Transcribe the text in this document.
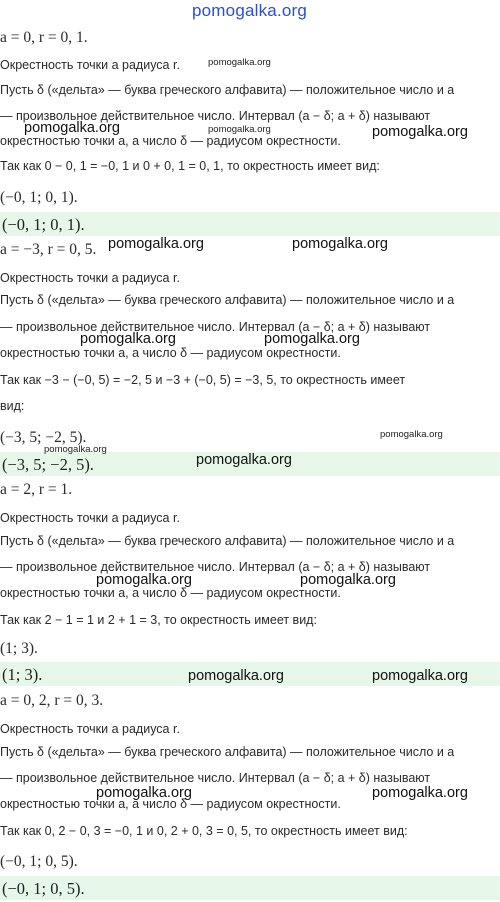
pomogalka.org
a = 0, r = 0, 1.
Окрестность точки a радиуса r.
Пусть δ («дельта» — буква греческого алфавита) — положительное число и a
— произвольное действительное число. Интервал (a − δ; a + δ) называют
окрестностью точки a, а число δ — радиусом окрестности.
Так как 0 − 0, 1 = −0, 1 и 0 + 0, 1 = 0, 1, то окрестность имеет вид:
(−0, 1; 0, 1).
(−0, 1; 0, 1).
a = −3, r = 0, 5.
Окрестность точки a радиуса r.
Пусть δ («дельта» — буква греческого алфавита) — положительное число и a
— произвольное действительное число. Интервал (a − δ; a + δ) называют
окрестностью точки a, а число δ — радиусом окрестности.
Так как −3 − (−0, 5) = −2, 5 и −3 + (−0, 5) = −3, 5, то окрестность имеет
вид:
(−3, 5; −2, 5).
(−3, 5; −2, 5).
a = 2, r = 1.
Окрестность точки a радиуса r.
Пусть δ («дельта» — буква греческого алфавита) — положительное число и a
— произвольное действительное число. Интервал (a − δ; a + δ) называют
окрестностью точки a, а число δ — радиусом окрестности.
Так как 2 − 1 = 1 и 2 + 1 = 3, то окрестность имеет вид:
(1; 3).
(1; 3).
a = 0, 2, r = 0, 3.
Окрестность точки a радиуса r.
Пусть δ («дельта» — буква греческого алфавита) — положительное число и a
— произвольное действительное число. Интервал (a − δ; a + δ) называют
окрестностью точки a, а число δ — радиусом окрестности.
Так как 0, 2 − 0, 3 = −0, 1 и 0, 2 + 0, 3 = 0, 5, то окрестность имеет вид:
(−0, 1; 0, 5).
(−0, 1; 0, 5).
pomogalka.org
pomogalka.org	pomogalka.org	pomogalka.org
pomogalka.org	pomogalka.org
pomogalka.org	pomogalka.org
pomogalka.org
pomogalka.org
pomogalka.org
pomogalka.org	pomogalka.org
pomogalka.org	pomogalka.org
pomogalka.org	pomogalka.org
